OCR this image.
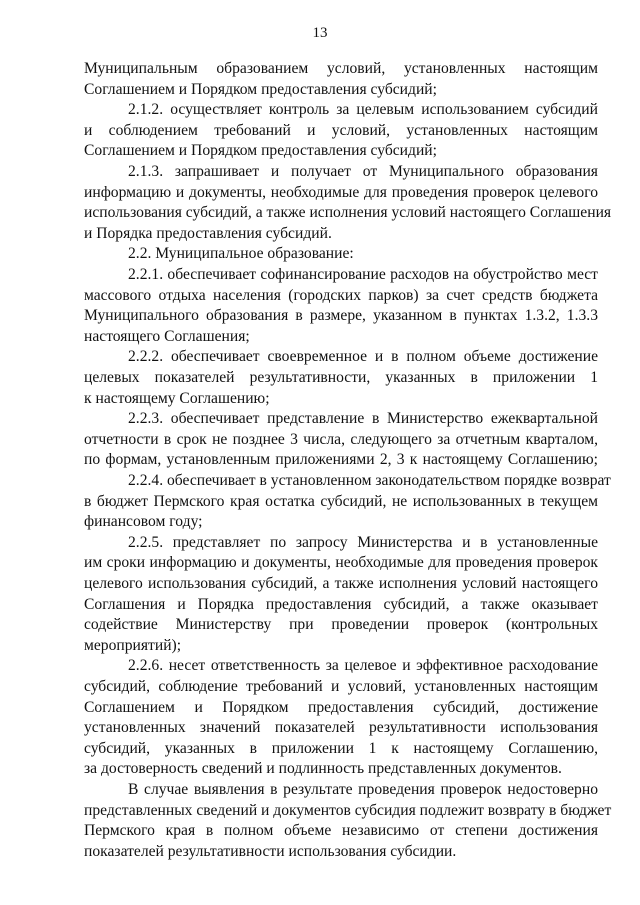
13
Муниципальным образованием условий, установленных настоящим
Соглашением и Порядком предоставления субсидий;
2.1.2. осуществляет контроль за целевым использованием субсидий
и соблюдением требований и условий, установленных настоящим
Соглашением и Порядком предоставления субсидий;
2.1.3. запрашивает и получает от Муниципального образования
информацию и документы, необходимые для проведения проверок целевого
использования субсидий, а также исполнения условий настоящего Соглашения
и Порядка предоставления субсидий.
2.2. Муниципальное образование:
2.2.1. обеспечивает софинансирование расходов на обустройство мест
массового отдыха населения (городских парков) за счет средств бюджета
Муниципального образования в размере, указанном в пунктах 1.3.2, 1.3.3
настоящего Соглашения;
2.2.2. обеспечивает своевременное и в полном объеме достижение
целевых показателей результативности, указанных в приложении 1
к настоящему Соглашению;
2.2.3. обеспечивает представление в Министерство ежеквартальной
отчетности в срок не позднее 3 числа, следующего за отчетным кварталом,
по формам, установленным приложениями 2, 3 к настоящему Соглашению;
2.2.4. обеспечивает в установленном законодательством порядке возврат
в бюджет Пермского края остатка субсидий, не использованных в текущем
финансовом году;
2.2.5. представляет по запросу Министерства и в установленные
им сроки информацию и документы, необходимые для проведения проверок
целевого использования субсидий, а также исполнения условий настоящего
Соглашения и Порядка предоставления субсидий, а также оказывает
содействие Министерству при проведении проверок (контрольных
мероприятий);
2.2.6. несет ответственность за целевое и эффективное расходование
субсидий, соблюдение требований и условий, установленных настоящим
Соглашением и Порядком предоставления субсидий, достижение
установленных значений показателей результативности использования
субсидий, указанных в приложении 1 к настоящему Соглашению,
за достоверность сведений и подлинность представленных документов.
В случае выявления в результате проведения проверок недостоверно
представленных сведений и документов субсидия подлежит возврату в бюджет
Пермского края в полном объеме независимо от степени достижения
показателей результативности использования субсидии.
